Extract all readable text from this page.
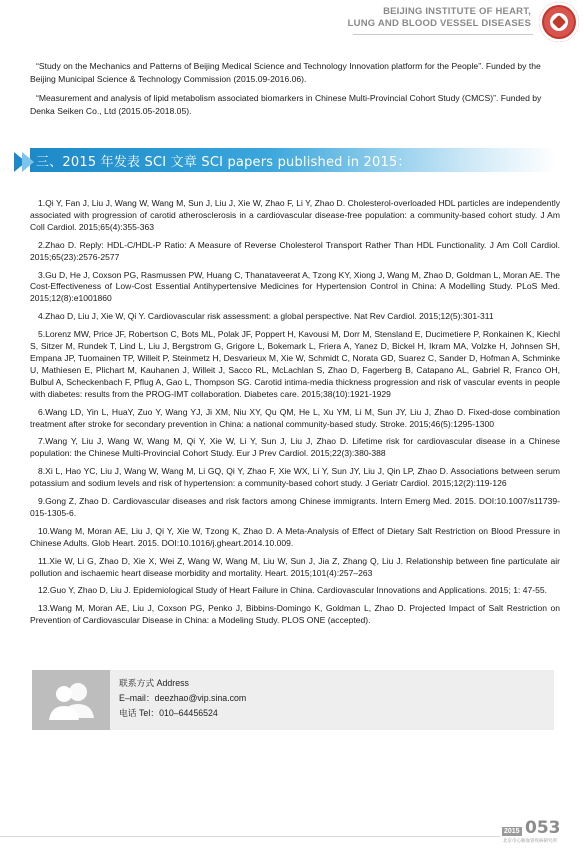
BEIJING INSTITUTE OF HEART,
LUNG AND BLOOD VESSEL DISEASES

“Study on the Mechanics and Patterns of Beijing Medical Science and Technology Innovation platform for the People”. Funded by the Beijing Municipal Science & Technology Commission (2015.09-2016.06).

“Measurement and analysis of lipid metabolism associated biomarkers in Chinese Multi-Provincial Cohort Study (CMCS)”. Funded by Denka Seiken Co., Ltd (2015.05-2018.05).

三、2015 年发表 SCI 文章 SCI papers published in 2015：

1.Qi Y, Fan J, Liu J, Wang W, Wang M, Sun J, Liu J, Xie W, Zhao F, Li Y, Zhao D. Cholesterol-overloaded HDL particles are independently associated with progression of carotid atherosclerosis in a cardiovascular disease-free population: a community-based cohort study. J Am Coll Cardiol. 2015;65(4):355-363

2.Zhao D. Reply: HDL-C/HDL-P Ratio: A Measure of Reverse Cholesterol Transport Rather Than HDL Functionality. J Am Coll Cardiol. 2015;65(23):2576-2577

3.Gu D, He J, Coxson PG, Rasmussen PW, Huang C, Thanataveerat A, Tzong KY, Xiong J, Wang M, Zhao D, Goldman L, Moran AE. The Cost-Effectiveness of Low-Cost Essential Antihypertensive Medicines for Hypertension Control in China: A Modelling Study. PLoS Med. 2015;12(8):e1001860

4.Zhao D, Liu J, Xie W, Qi Y. Cardiovascular risk assessment: a global perspective. Nat Rev Cardiol. 2015;12(5):301-311

5.Lorenz MW, Price JF, Robertson C, Bots ML, Polak JF, Poppert H, Kavousi M, Dorr M, Stensland E, Ducimetiere P, Ronkainen K, Kiechl S, Sitzer M, Rundek T, Lind L, Liu J, Bergstrom G, Grigore L, Bokemark L, Friera A, Yanez D, Bickel H, Ikram MA, Volzke H, Johnsen SH, Empana JP, Tuomainen TP, Willeit P, Steinmetz H, Desvarieux M, Xie W, Schmidt C, Norata GD, Suarez C, Sander D, Hofman A, Schminke U, Mathiesen E, Plichart M, Kauhanen J, Willeit J, Sacco RL, McLachlan S, Zhao D, Fagerberg B, Catapano AL, Gabriel R, Franco OH, Bulbul A, Scheckenbach F, Pflug A, Gao L, Thompson SG. Carotid intima-media thickness progression and risk of vascular events in people with diabetes: results from the PROG-IMT collaboration. Diabetes care. 2015;38(10):1921-1929

6.Wang LD, Yin L, HuaY, Zuo Y, Wang YJ, Ji XM, Niu XY, Qu QM, He L, Xu YM, Li M, Sun JY, Liu J, Zhao D. Fixed-dose combination treatment after stroke for secondary prevention in China: a national community-based study. Stroke. 2015;46(5):1295-1300

7.Wang Y, Liu J, Wang W, Wang M, Qi Y, Xie W, Li Y, Sun J, Liu J, Zhao D. Lifetime risk for cardiovascular disease in a Chinese population: the Chinese Multi-Provincial Cohort Study. Eur J Prev Cardiol. 2015;22(3):380-388

8.Xi L, Hao YC, Liu J, Wang W, Wang M, Li GQ, Qi Y, Zhao F, Xie WX, Li Y, Sun JY, Liu J, Qin LP, Zhao D. Associations between serum potassium and sodium levels and risk of hypertension: a community-based cohort study. J Geriatr Cardiol. 2015;12(2):119-126

9.Gong Z, Zhao D. Cardiovascular diseases and risk factors among Chinese immigrants. Intern Emerg Med. 2015. DOI:10.1007/s11739-015-1305-6.

10.Wang M, Moran AE, Liu J, Qi Y, Xie W, Tzong K, Zhao D. A Meta-Analysis of Effect of Dietary Salt Restriction on Blood Pressure in Chinese Adults. Glob Heart. 2015. DOI:10.1016/j.gheart.2014.10.009.

11.Xie W, Li G, Zhao D, Xie X, Wei Z, Wang W, Wang M, Liu W, Sun J, Jia Z, Zhang Q, Liu J. Relationship between fine particulate air pollution and ischaemic heart disease morbidity and mortality. Heart. 2015;101(4):257–263

12.Guo Y, Zhao D, Liu J. Epidemiological Study of Heart Failure in China. Cardiovascular Innovations and Applications. 2015; 1: 47-55.

13.Wang M, Moran AE, Liu J, Coxson PG, Penko J, Bibbins-Domingo K, Goldman L, Zhao D. Projected Impact of Salt Restriction on Prevention of Cardiovascular Disease in China: a Modeling Study. PLOS ONE (accepted).

联系方式 Address
E–mail：deezhao@vip.sina.com
电话 Tel：010–64456524
2015 053
北京市心肺血管疾病研究所
